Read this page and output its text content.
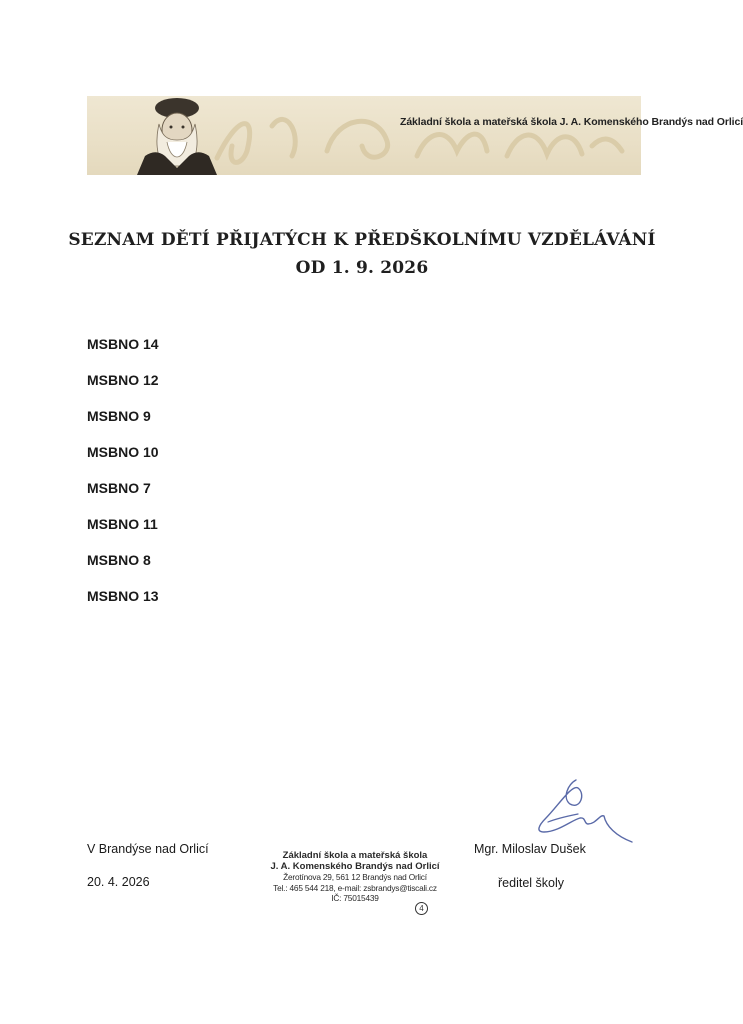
Základní škola a mateřská škola J. A. Komenského Brandýs nad Orlicí
SEZNAM DĚTÍ PŘIJATÝCH K PŘEDŠKOLNÍMU VZDĚLÁVÁNÍ
OD 1. 9. 2026
MSBNO 14
MSBNO 12
MSBNO 9
MSBNO 10
MSBNO 7
MSBNO 11
MSBNO 8
MSBNO 13
V Brandýse nad Orlicí
20. 4. 2026
Základní škola a mateřská škola
J. A. Komenského Brandýs nad Orlicí
Žerotínova 29, 561 12 Brandýs nad Orlicí
Tel.: 465 544 218, e-mail: zsbrandys@tiscali.cz
IČ: 75015439
4
Mgr. Miloslav Dušek
ředitel školy
